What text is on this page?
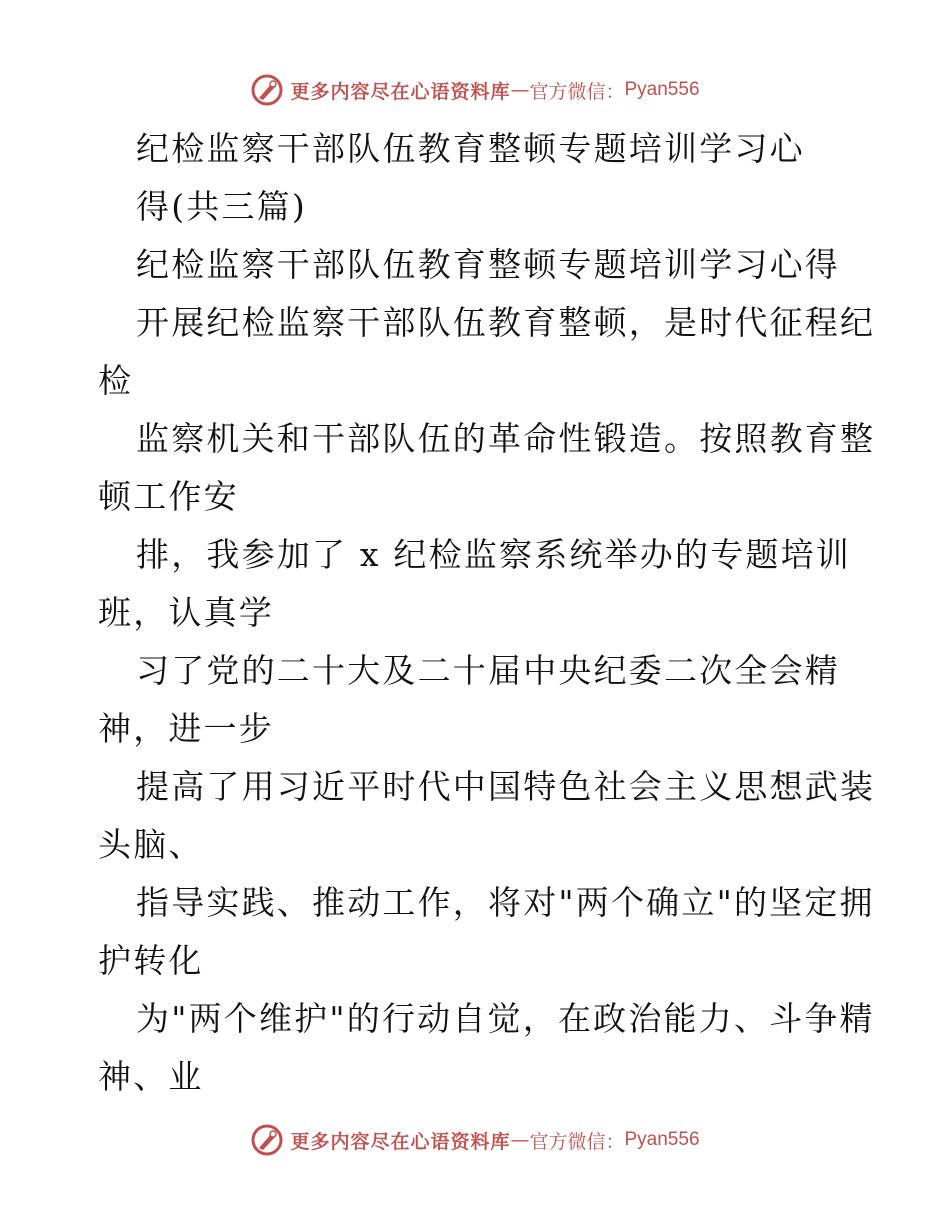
更多内容尽在心语资料库 — 官方微信： Pyan556
纪检监察干部队伍教育整顿专题培训学习心
得(共三篇)
纪检监察干部队伍教育整顿专题培训学习心得
开展纪检监察干部队伍教育整顿，是时代征程纪
检
监察机关和干部队伍的革命性锻造。按照教育整
顿工作安
排，我参加了 x 纪检监察系统举办的专题培训
班，认真学
习了党的二十大及二十届中央纪委二次全会精
神，进一步
提高了用习近平时代中国特色社会主义思想武装
头脑、
指导实践、推动工作，将对"两个确立"的坚定拥
护转化
为"两个维护"的行动自觉，在政治能力、斗争精
神、业
更多内容尽在心语资料库 — 官方微信： Pyan556
